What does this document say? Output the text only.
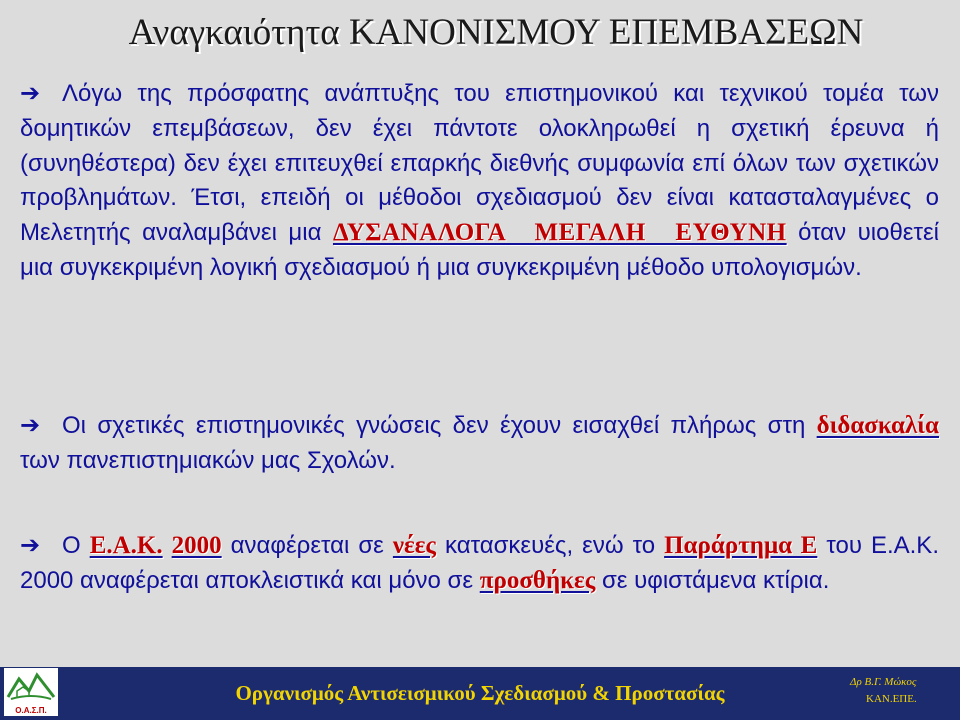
Αναγκαιότητα ΚΑΝΟΝΙΣΜΟΥ ΕΠΕΜΒΑΣΕΩΝ
➔ Λόγω της πρόσφατης ανάπτυξης του επιστημονικού και τεχνικού τομέα των δομητικών επεμβάσεων, δεν έχει πάντοτε ολοκληρωθεί η σχετική έρευνα ή (συνηθέστερα) δεν έχει επιτευχθεί επαρκής διεθνής συμφωνία επί όλων των σχετικών προβλημάτων. Έτσι, επειδή οι μέθοδοι σχεδιασμού δεν είναι κατασταλαγμένες ο Μελετητής αναλαμβάνει μια ΔΥΣΑΝΑΛΟΓΑ ΜΕΓΑΛΗ ΕΥΘΥΝΗ όταν υιοθετεί μια συγκεκριμένη λογική σχεδιασμού ή μια συγκεκριμένη μέθοδο υπολογισμών.
➔ Οι σχετικές επιστημονικές γνώσεις δεν έχουν εισαχθεί πλήρως στη διδασκαλία των πανεπιστημιακών μας Σχολών.
➔ Ο Ε.Α.Κ. 2000 αναφέρεται σε νέες κατασκευές, ενώ το Παράρτημα Ε του Ε.Α.Κ. 2000 αναφέρεται αποκλειστικά και μόνο σε προσθήκες σε υφιστάμενα κτίρια.
Ο.Α.Σ.Π.
Οργανισμός Αντισεισμικού Σχεδιασμού & Προστασίας	Δρ Β.Γ. Μώκος
ΚΑΝ.ΕΠΕ.
